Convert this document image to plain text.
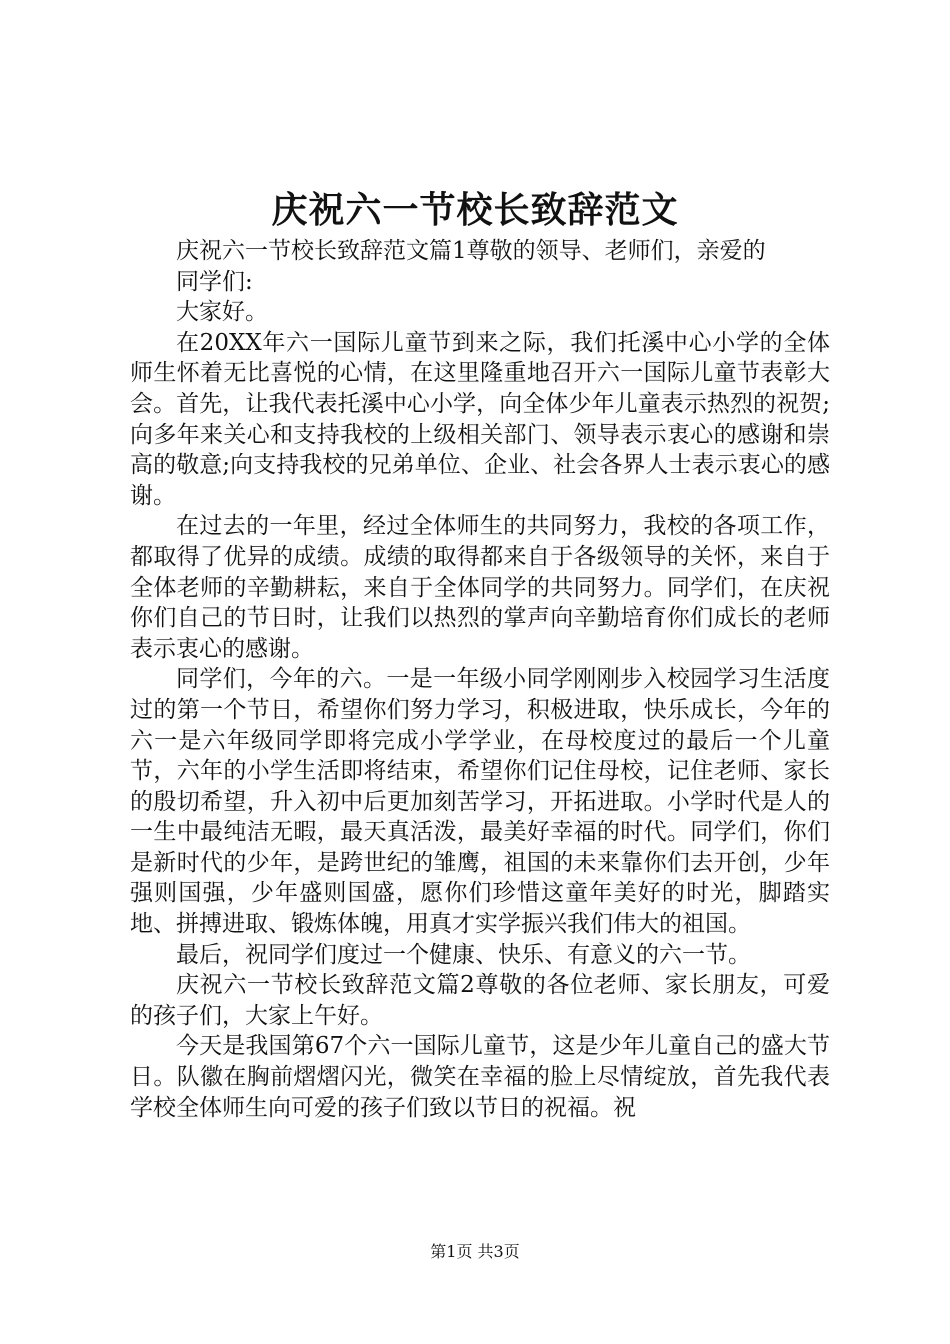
庆祝六一节校长致辞范文

庆祝六一节校长致辞范文篇1尊敬的领导、老师们，亲爱的

同学们:

大家好。

在20XX年六一国际儿童节到来之际，我们托溪中心小学的全体师生怀着无比喜悦的心情，在这里隆重地召开六一国际儿童节表彰大会。首先，让我代表托溪中心小学，向全体少年儿童表示热烈的祝贺;向多年来关心和支持我校的上级相关部门、领导表示衷心的感谢和崇高的敬意;向支持我校的兄弟单位、企业、社会各界人士表示衷心的感谢。

在过去的一年里，经过全体师生的共同努力，我校的各项工作，都取得了优异的成绩。成绩的取得都来自于各级领导的关怀，来自于全体老师的辛勤耕耘，来自于全体同学的共同努力。同学们，在庆祝你们自己的节日时，让我们以热烈的掌声向辛勤培育你们成长的老师表示衷心的感谢。

同学们，今年的六。一是一年级小同学刚刚步入校园学习生活度过的第一个节日，希望你们努力学习，积极进取，快乐成长，今年的六一是六年级同学即将完成小学学业，在母校度过的最后一个儿童节，六年的小学生活即将结束，希望你们记住母校，记住老师、家长的殷切希望，升入初中后更加刻苦学习，开拓进取。小学时代是人的一生中最纯洁无暇，最天真活泼，最美好幸福的时代。同学们，你们是新时代的少年，是跨世纪的雏鹰，祖国的未来靠你们去开创，少年强则国强，少年盛则国盛，愿你们珍惜这童年美好的时光，脚踏实地、拼搏进取、锻炼体魄，用真才实学振兴我们伟大的祖国。

最后，祝同学们度过一个健康、快乐、有意义的六一节。

庆祝六一节校长致辞范文篇2尊敬的各位老师、家长朋友，可爱的孩子们，大家上午好。

今天是我国第67个六一国际儿童节，这是少年儿童自己的盛大节日。队徽在胸前熠熠闪光，微笑在幸福的脸上尽情绽放，首先我代表学校全体师生向可爱的孩子们致以节日的祝福。祝

第1页 共3页
